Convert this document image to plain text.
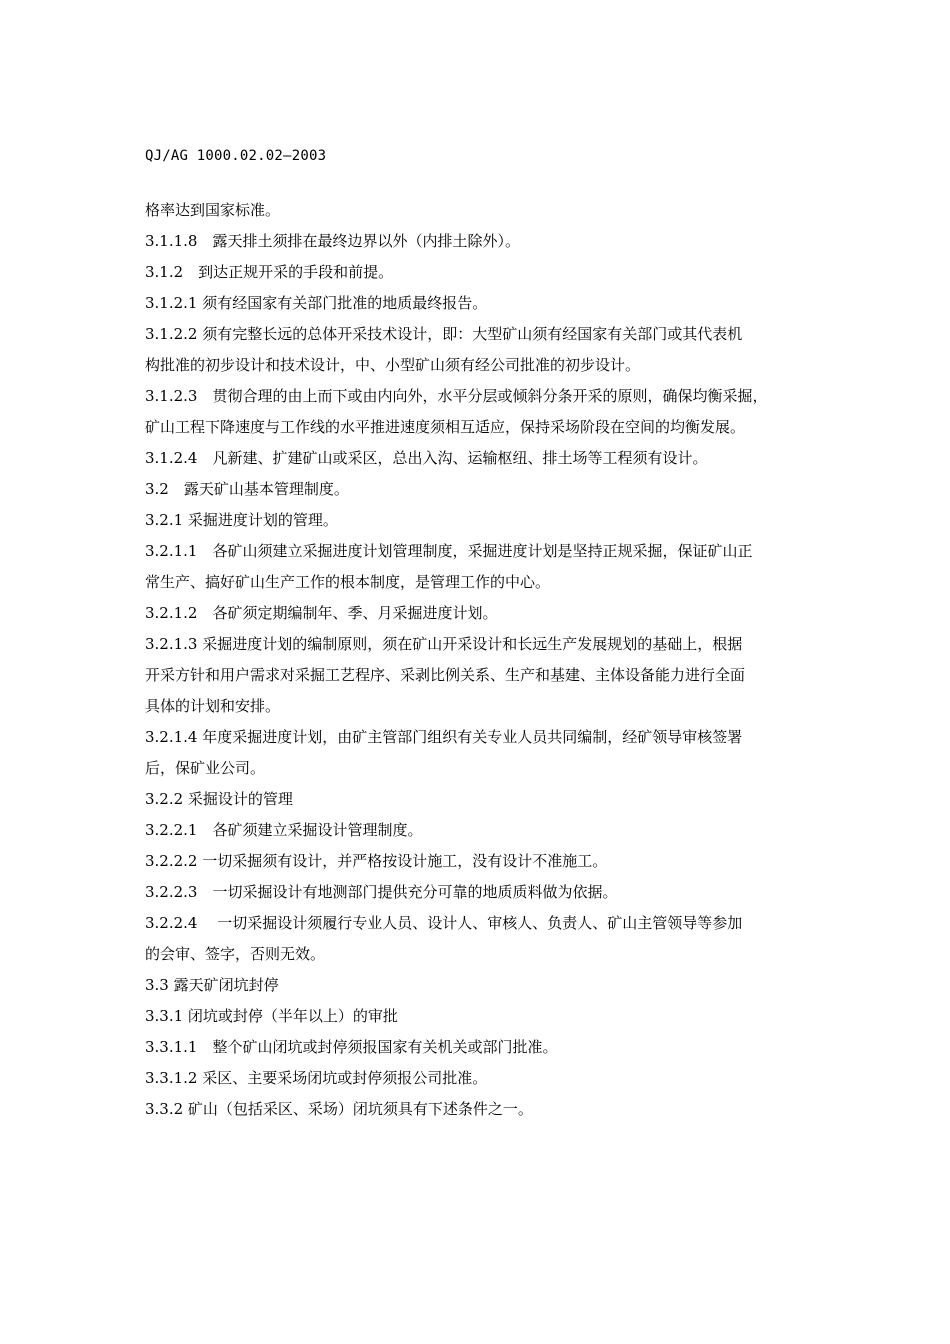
QJ/AG 1000.02.02—2003
格率达到国家标准。
3.1.1.8　露天排土须排在最终边界以外（内排土除外）。
3.1.2　到达正规开采的手段和前提。
3.1.2.1 须有经国家有关部门批准的地质最终报告。
3.1.2.2 须有完整长远的总体开采技术设计，即：大型矿山须有经国家有关部门或其代表机
构批准的初步设计和技术设计，中、小型矿山须有经公司批准的初步设计。
3.1.2.3　贯彻合理的由上而下或由内向外，水平分层或倾斜分条开采的原则，确保均衡采掘，
矿山工程下降速度与工作线的水平推进速度须相互适应，保持采场阶段在空间的均衡发展。
3.1.2.4　凡新建、扩建矿山或采区，总出入沟、运输枢纽、排土场等工程须有设计。
3.2　露天矿山基本管理制度。
3.2.1 采掘进度计划的管理。
3.2.1.1　各矿山须建立采掘进度计划管理制度，采掘进度计划是坚持正规采掘，保证矿山正
常生产、搞好矿山生产工作的根本制度，是管理工作的中心。
3.2.1.2　各矿须定期编制年、季、月采掘进度计划。
3.2.1.3 采掘进度计划的编制原则，须在矿山开采设计和长远生产发展规划的基础上，根据
开采方针和用户需求对采掘工艺程序、采剥比例关系、生产和基建、主体设备能力进行全面
具体的计划和安排。
3.2.1.4 年度采掘进度计划，由矿主管部门组织有关专业人员共同编制，经矿领导审核签署
后，保矿业公司。
3.2.2 采掘设计的管理
3.2.2.1　各矿须建立采掘设计管理制度。
3.2.2.2 一切采掘须有设计，并严格按设计施工，没有设计不准施工。
3.2.2.3　一切采掘设计有地测部门提供充分可靠的地质质料做为依据。
3.2.2.4　 一切采掘设计须履行专业人员、设计人、审核人、负责人、矿山主管领导等参加
的会审、签字，否则无效。
3.3 露天矿闭坑封停
3.3.1 闭坑或封停（半年以上）的审批
3.3.1.1　整个矿山闭坑或封停须报国家有关机关或部门批准。
3.3.1.2 采区、主要采场闭坑或封停须报公司批准。
3.3.2 矿山（包括采区、采场）闭坑须具有下述条件之一。
